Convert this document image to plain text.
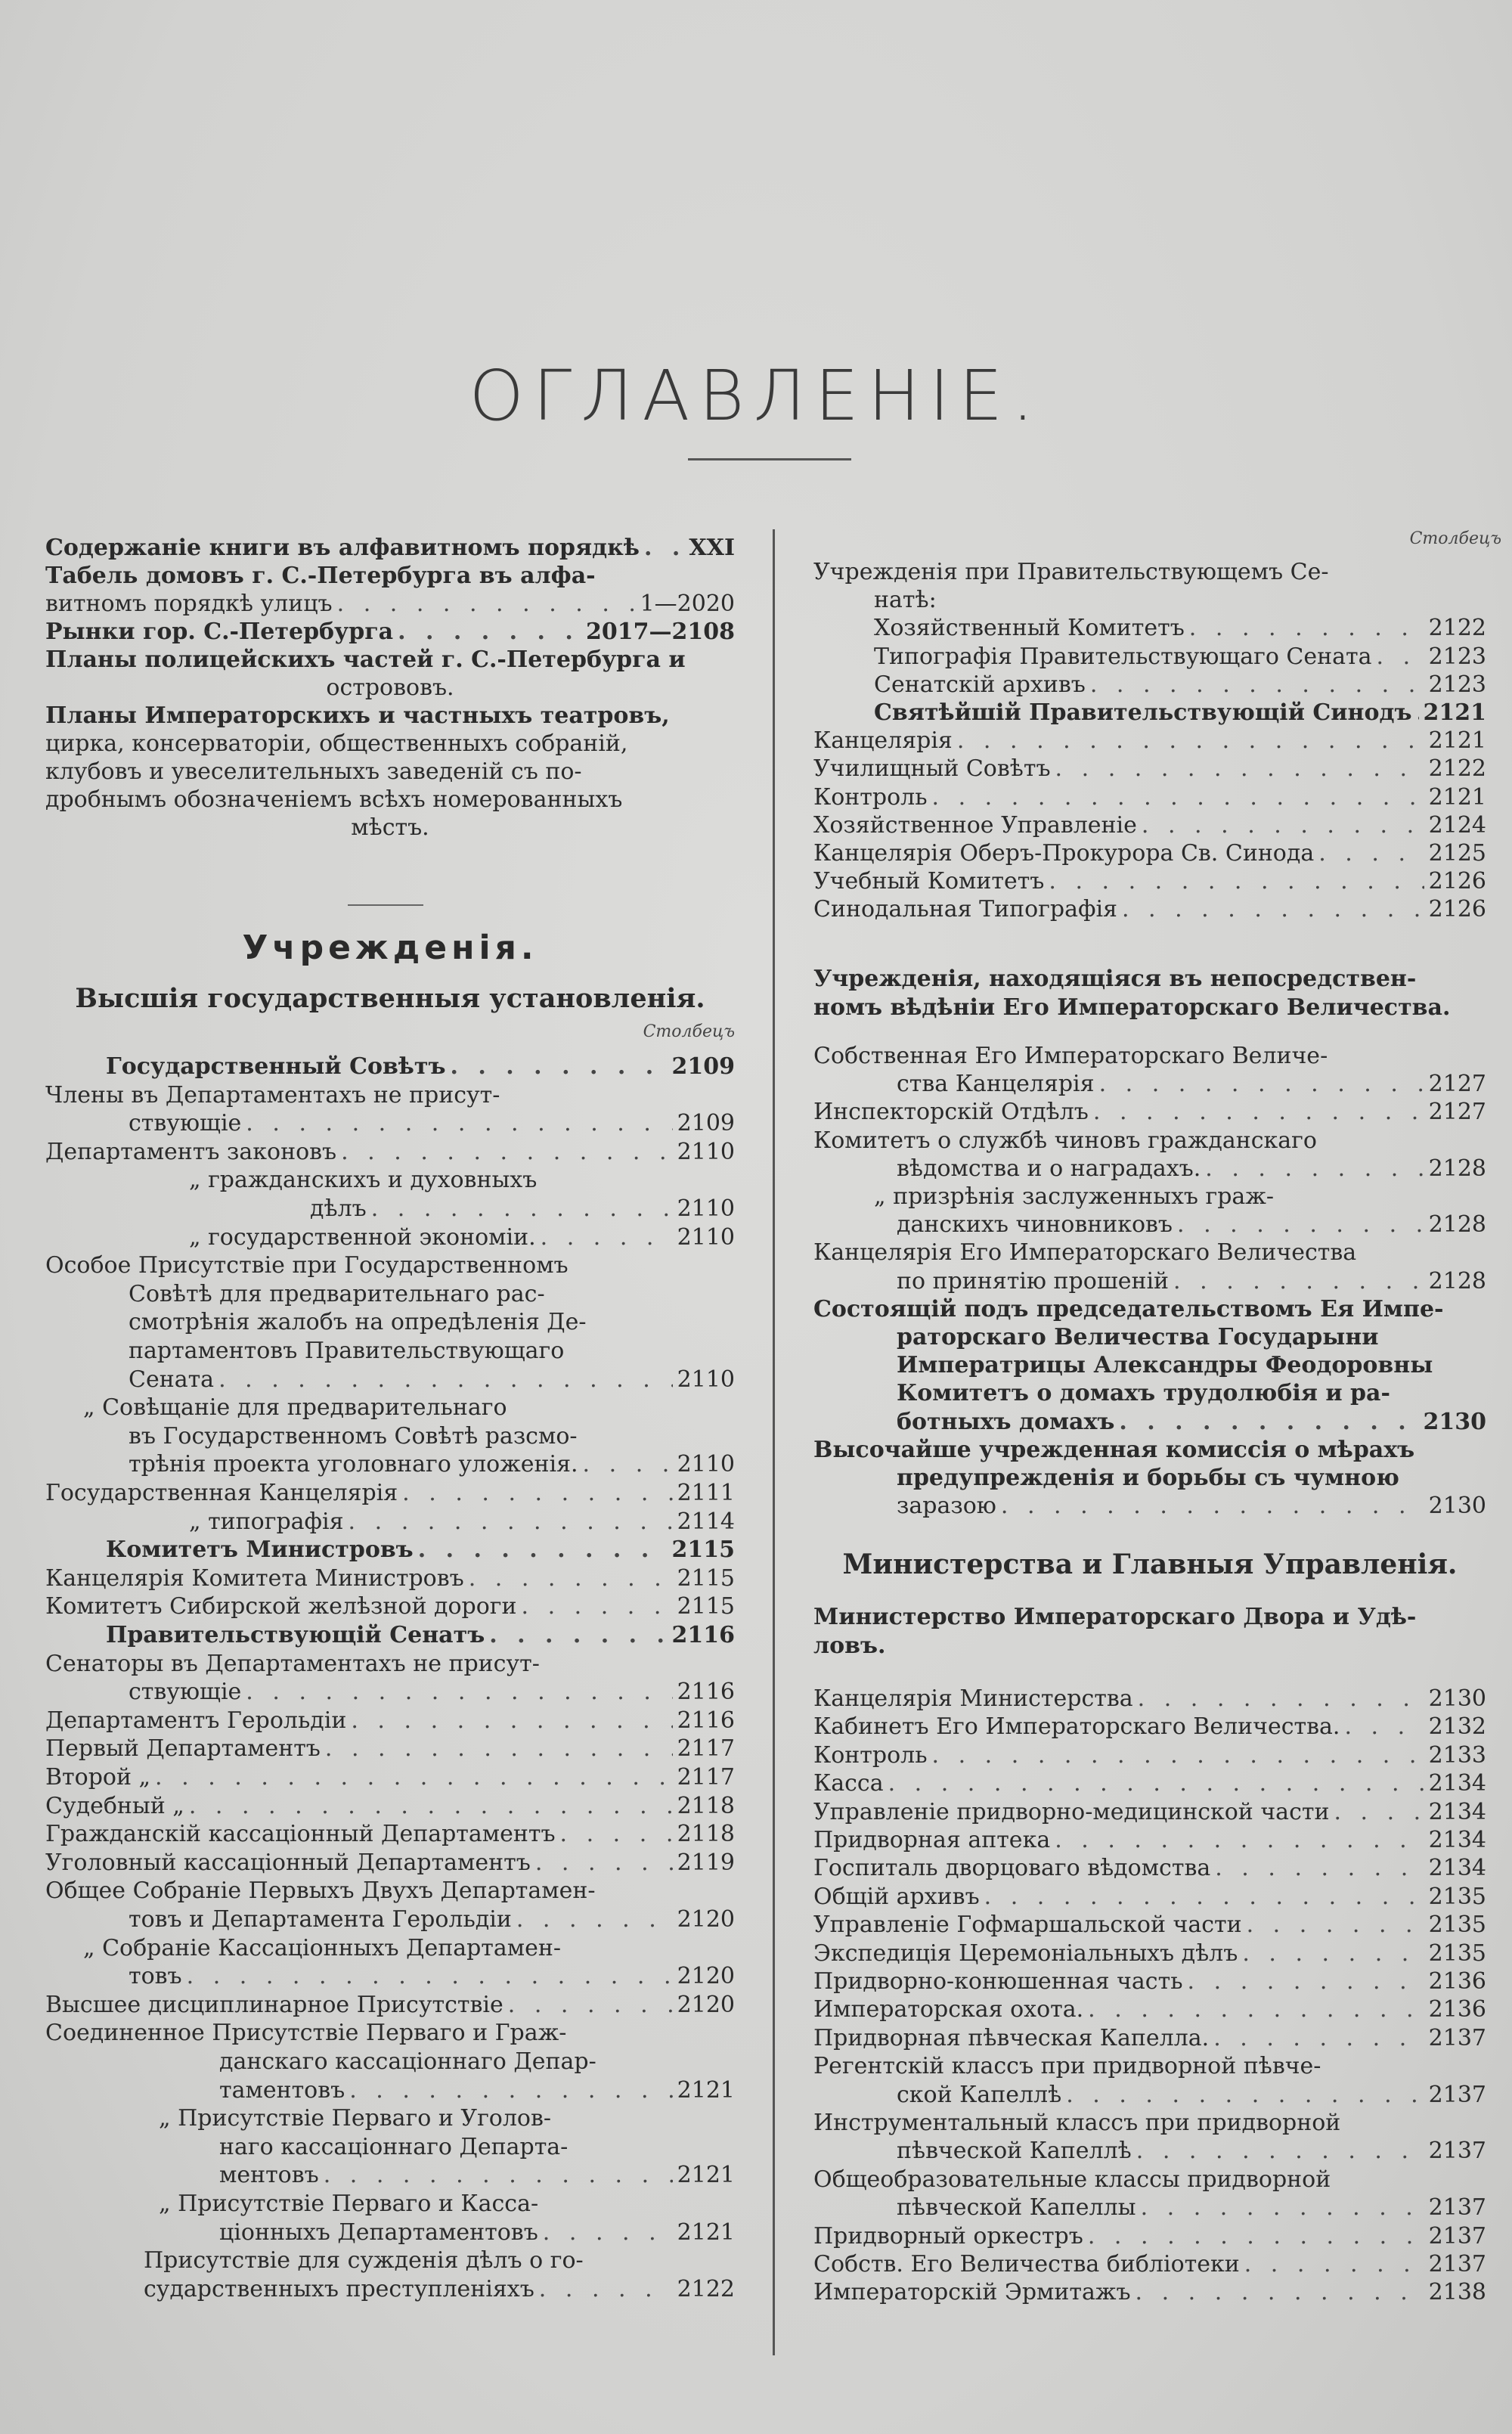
ОГЛАВЛЕНІЕ.
Содержаніе книги въ алфавитномъ порядкѣ . . . XXI
Табель домовъ г. С.-Петербурга въ алфа-
витномъ порядкѣ улицъ . . .	1—2020
Рынки гор. С.-Петербурга . . .	2017—2108
Планы полицейскихъ частей г. С.-Петербурга и
острововъ.
Планы Императорскихъ и частныхъ театровъ,
цирка, консерваторіи, общественныхъ собраній,
клубовъ и увеселительныхъ заведеній съ по-
дробнымъ обозначеніемъ всѣхъ номерованныхъ
мѣстъ.
Учрежденія.
Высшія государственныя установленія.
Столбецъ
Государственный Совѣтъ . . .	2109
Члены въ Департаментахъ не присут-
ствующіе . . .	2109
Департаментъ законовъ . . .	2110
„ гражданскихъ и духовныхъ
дѣлъ . . .	2110
„ государственной экономіи. . . .	2110
Особое Присутствіе при Государственномъ
Совѣтѣ для предварительнаго рас-
смотрѣнія жалобъ на опредѣленія Де-
партаментовъ Правительствующаго
Сената . . .	2110
„ Совѣщаніе для предварительнаго
въ Государственномъ Совѣтѣ разсмо-
трѣнія проекта уголовнаго уложенія. . . .	2110
Государственная Канцелярія . . .	2111
„ типографія . . .	2114
Комитетъ Министровъ . . .	2115
Канцелярія Комитета Министровъ . . .	2115
Комитетъ Сибирской желѣзной дороги . . .	2115
Правительствующій Сенатъ . . .	2116
Сенаторы въ Департаментахъ не присут-
ствующіе . . .	2116
Департаментъ Герольдіи . . .	2116
Первый Департаментъ . . .	2117
Второй „ . . .	2117
Судебный „ . . .	2118
Гражданскій кассаціонный Департаментъ . . .	2118
Уголовный кассаціонный Департаментъ . . .	2119
Общее Собраніе Первыхъ Двухъ Департамен-
товъ и Департамента Герольдіи . . .	2120
„ Собраніе Кассаціонныхъ Департамен-
товъ . . .	2120
Высшее дисциплинарное Присутствіе . . .	2120
Соединенное Присутствіе Перваго и Граж-
данскаго кассаціоннаго Депар-
таментовъ . . .	2121
„ Присутствіе Перваго и Уголов-
наго кассаціоннаго Департа-
ментовъ . . .	2121
„ Присутствіе Перваго и Касса-
ціонныхъ Департаментовъ . . .	2121
Присутствіе для сужденія дѣлъ о го-
сударственныхъ преступленіяхъ . . .	2122
Столбецъ
Учрежденія при Правительствующемъ Се-
натѣ:
Хозяйственный Комитетъ . . .	2122
Типографія Правительствующаго Сената . . .	2123
Сенатскій архивъ . . .	2123
Святѣйшій Правительствующій Синодъ . . . 2121
Канцелярія . . .	2121
Училищный Совѣтъ . . .	2122
Контроль . . .	2121
Хозяйственное Управленіе . . .	2124
Канцелярія Оберъ-Прокурора Св. Синода . . .	2125
Учебный Комитетъ . . .	2126
Синодальная Типографія . . .	2126
Учрежденія, находящіяся въ непосредствен-
номъ вѣдѣніи Его Императорскаго Величества.
Собственная Его Императорскаго Величе-
ства Канцелярія . . .	2127
Инспекторскій Отдѣлъ . . .	2127
Комитетъ о службѣ чиновъ гражданскаго
вѣдомства и о наградахъ. . . .	2128
„ призрѣнія заслуженныхъ граж-
данскихъ чиновниковъ . . .	2128
Канцелярія Его Императорскаго Величества
по принятію прошеній . . .	2128
Состоящій подъ председательствомъ Ея Импе-
раторскаго Величества Государыни
Императрицы Александры Феодоровны
Комитетъ о домахъ трудолюбія и ра-
ботныхъ домахъ . . .	2130
Высочайше учрежденная комиссія о мѣрахъ
предупрежденія и борьбы съ чумною
заразою . . .	2130
Министерства и Главныя Управленія.
Министерство Императорскаго Двора и Удѣ-
ловъ.
Канцелярія Министерства . . .	2130
Кабинетъ Его Императорскаго Величества. . . .	2132
Контроль . . .	2133
Касса . . .	2134
Управленіе придворно-медицинской части . . .	2134
Придворная аптека . . .	2134
Госпиталь дворцоваго вѣдомства . . .	2134
Общій архивъ . . .	2135
Управленіе Гофмаршальской части . . .	2135
Экспедиція Церемоніальныхъ дѣлъ . . .	2135
Придворно-конюшенная часть . . .	2136
Императорская охота. . . .	2136
Придворная пѣвческая Капелла. . . .	2137
Регентскій классъ при придворной пѣвче-
ской Капеллѣ . . .	2137
Инструментальный классъ при придворной
пѣвческой Капеллѣ . . .	2137
Общеобразовательные классы придворной
пѣвческой Капеллы . . .	2137
Придворный оркестръ . . .	2137
Собств. Его Величества библіотеки . . .	2137
Императорскій Эрмитажъ . . .	2138
